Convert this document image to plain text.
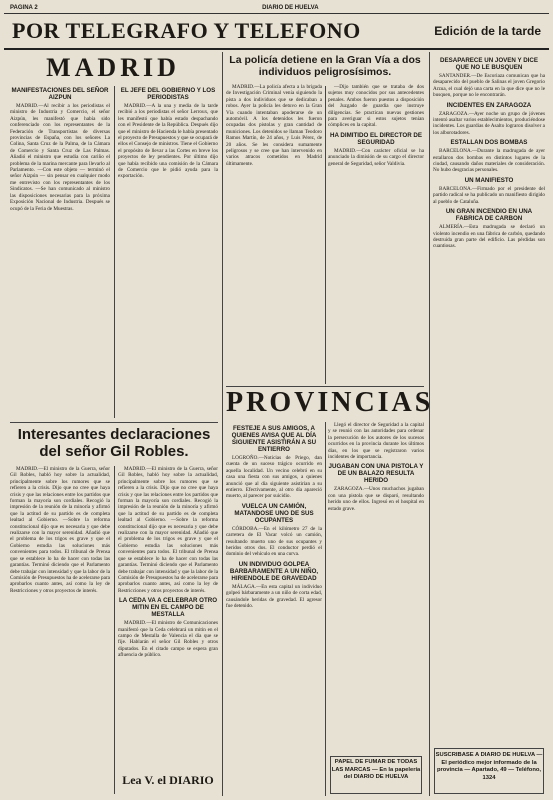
PAGINA 2	DIARIO DE HUELVA
POR TELEGRAFO Y TELEFONO	Edición de la tarde
MADRID
MANIFESTACIONES DEL SEÑOR AIZPUN

MADRID.—Al recibir a los periodistas el ministro de Industria y Comercio, el señor Aizpún, les manifestó que había sido conferenciado con los representantes de la Federación de Transportistas de diversas provincias de España, con los señores La Colina, Santa Cruz de la Palma, de la Cámara de Comercio y Santa Cruz de Las Palmas. Añadió el ministro que estudia con cariño el problema de la marina mercante para llevarlo al Parlamento. —Con este objeto — terminó el señor Aizpún — sin pensar en cualquier modo me entrevisto con los representantes de los Sindicatos. —Se han comunicado al ministro las disposiciones necesarias para la próxima Exposición Nacional de Industria. Después se ocupó de la Feria de Muestras.

EL JEFE DEL GOBIERNO Y LOS PERIODISTAS

MADRID.—A la una y media de la tarde recibió a los periodistas el señor Lerroux, que les manifestó que había estado despachando con el Presidente de la República. Después dijo que el ministro de Hacienda le había presentado el proyecto de Presupuestos y que se ocupará de ellos el Consejo de ministros. Tiene el Gobierno el propósito de llevar a las Cortes en breve los proyectos de ley pendientes. Por último dijo que había recibido una comisión de la Cámara de Comercio que le pidió ayuda para la exportación.

Interesantes declaraciones del señor Gil Robles.

MADRID.—El ministro de la Guerra, señor Gil Robles, habló hoy sobre la actualidad, principalmente sobre los rumores que se refieren a la crisis. Dijo que no cree que haya crisis y que las relaciones entre los partidos que forman la mayoría son cordiales. Recogió la impresión de la reunión de la minoría y afirmó que la actitud de su partido es de completa lealtad al Gobierno. —Sobre la reforma constitucional dijo que es necesaria y que debe realizarse con la mayor serenidad. Añadió que el problema de los trigos es grave y que el Gobierno estudia las soluciones más convenientes para todos. El tribunal de Prensa que se establece lo ha de hacer con todas las garantías. Terminó diciendo que el Parlamento debe trabajar con intensidad y que la labor de la Comisión de Presupuestos ha de acelerarse para aprobarlos cuanto antes, así como la ley de Restricciones y otros proyectos de interés.

MADRID.—El ministro de la Guerra, señor Gil Robles, habló hoy sobre la actualidad, principalmente sobre los rumores que se refieren a la crisis. Dijo que no cree que haya crisis y que las relaciones entre los partidos que forman la mayoría son cordiales. Recogió la impresión de la reunión de la minoría y afirmó que la actitud de su partido es de completa lealtad al Gobierno. —Sobre la reforma constitucional dijo que es necesaria y que debe realizarse con la mayor serenidad. Añadió que el problema de los trigos es grave y que el Gobierno estudia las soluciones más convenientes para todos. El tribunal de Prensa que se establece lo ha de hacer con todas las garantías. Terminó diciendo que el Parlamento debe trabajar con intensidad y que la labor de la Comisión de Presupuestos ha de acelerarse para aprobarlos cuanto antes, así como la ley de Restricciones y otros proyectos de interés.

LA CEDA VA A CELEBRAR OTRO MITIN EN EL CAMPO DE MESTALLA

MADRID.—El ministro de Comunicaciones manifestó que la Ceda celebrará un mitin en el campo de Mestalla de Valencia el día que se fije. Hablarán el señor Gil Robles y otros diputados. En el citado campo se espera gran afluencia de público.

Lea V. el DIARIO
La policía detiene en la Gran Vía a dos individuos peligrosísimos.

MADRID.—La policía afecta a la brigada de Investigación Criminal venía siguiendo la pista a dos individuos que se dedicaban a robos. Ayer la policía les detuvo en la Gran Vía cuando intentaban apoderarse de un automóvil. A los detenidos les fueron ocupadas dos pistolas y gran cantidad de municiones. Los detenidos se llaman Teodoro Ramos Martín, de 24 años, y Luis Pérez, de 20 años. Se les considera sumamente peligrosos y se cree que han intervenido en varios atracos cometidos en Madrid últimamente.

—Dijo también que se trataba de dos sujetos muy conocidos por sus antecedentes penales. Ambos fueron puestos a disposición del Juzgado de guardia que instruye diligencias. Se practican nuevas gestiones para averiguar si estos sujetos tenían cómplices en la capital.

HA DIMITIDO EL DIRECTOR DE SEGURIDAD

MADRID.—Con carácter oficial se ha anunciado la dimisión de su cargo el director general de Seguridad, señor Valdivia.

PROVINCIAS
FESTEJE A SUS AMIGOS, A QUIENES AVISA QUE AL DÍA SIGUIENTE ASISTIRÁN A SU ENTIERRO

LOGROÑO.—Noticias de Priego, dan cuenta de un suceso trágico ocurrido en aquella localidad. Un vecino celebró en su casa una fiesta con sus amigos, a quienes anunció que al día siguiente asistirían a su entierro. Efectivamente, al otro día apareció muerto, al parecer por suicidio.

VUELCA UN CAMIÓN, MATANDOSE UNO DE SUS OCUPANTES

CÓRDOBA.—En el kilómetro 27 de la carretera de El Vacar volcó un camión, resultando muerto uno de sus ocupantes y heridos otros dos. El conductor perdió el dominio del vehículo en una curva.

UN INDIVIDUO GOLPEA BARBARAMENTE A UN NIÑO, HIRIENDOLE DE GRAVEDAD

MÁLAGA.—En esta capital un individuo golpeó bárbaramente a un niño de corta edad, causándole heridas de gravedad. El agresor fue detenido.

Llegó el director de Seguridad a la capital y se reunió con las autoridades para ordenar la persecución de los autores de los sucesos ocurridos en la provincia durante los últimos días, en los que se registraron varios incidentes de importancia.

JUGABAN CON UNA PISTOLA Y DE UN BALAZO RESULTA HERIDO

ZARAGOZA.—Unos muchachos jugaban con una pistola que se disparó, resultando herido uno de ellos. Ingresó en el hospital en estado grave.

PAPEL DE FUMAR DE TODAS LAS MARCAS — En la papelería del DIARIO DE HUELVA
DESAPARECE UN JOVEN Y DICE QUE NO LE BUSQUEN

SANTANDER.—De Escoriaza comunican que ha desaparecido del pueblo de Salinas el joven Gregorio Arzua, el cual dejó una carta en la que dice que no le busquen, porque no le encontrarán.

INCIDENTES EN ZARAGOZA

ZARAGOZA.—Ayer noche un grupo de jóvenes intentó asaltar varios establecimientos, produciéndose incidentes. Los guardias de Asalto lograron disolver a los alborotadores.

ESTALLAN DOS BOMBAS

BARCELONA.—Durante la madrugada de ayer estallaron dos bombas en distintos lugares de la ciudad, causando daños materiales de consideración. No hubo desgracias personales.

UN MANIFIESTO

BARCELONA.—Firmado por el presidente del partido radical se ha publicado un manifiesto dirigido al pueblo de Cataluña.

UN GRAN INCENDIO EN UNA FABRICA DE CARBON

ALMERÍA.—Esta madrugada se declaró un violento incendio en una fábrica de carbón, quedando destruida gran parte del edificio. Las pérdidas son cuantiosas.

SUSCRIBASE A DIARIO DE HUELVA — El periódico mejor informado de la provincia — Apartado, 49 — Teléfono, 1324
